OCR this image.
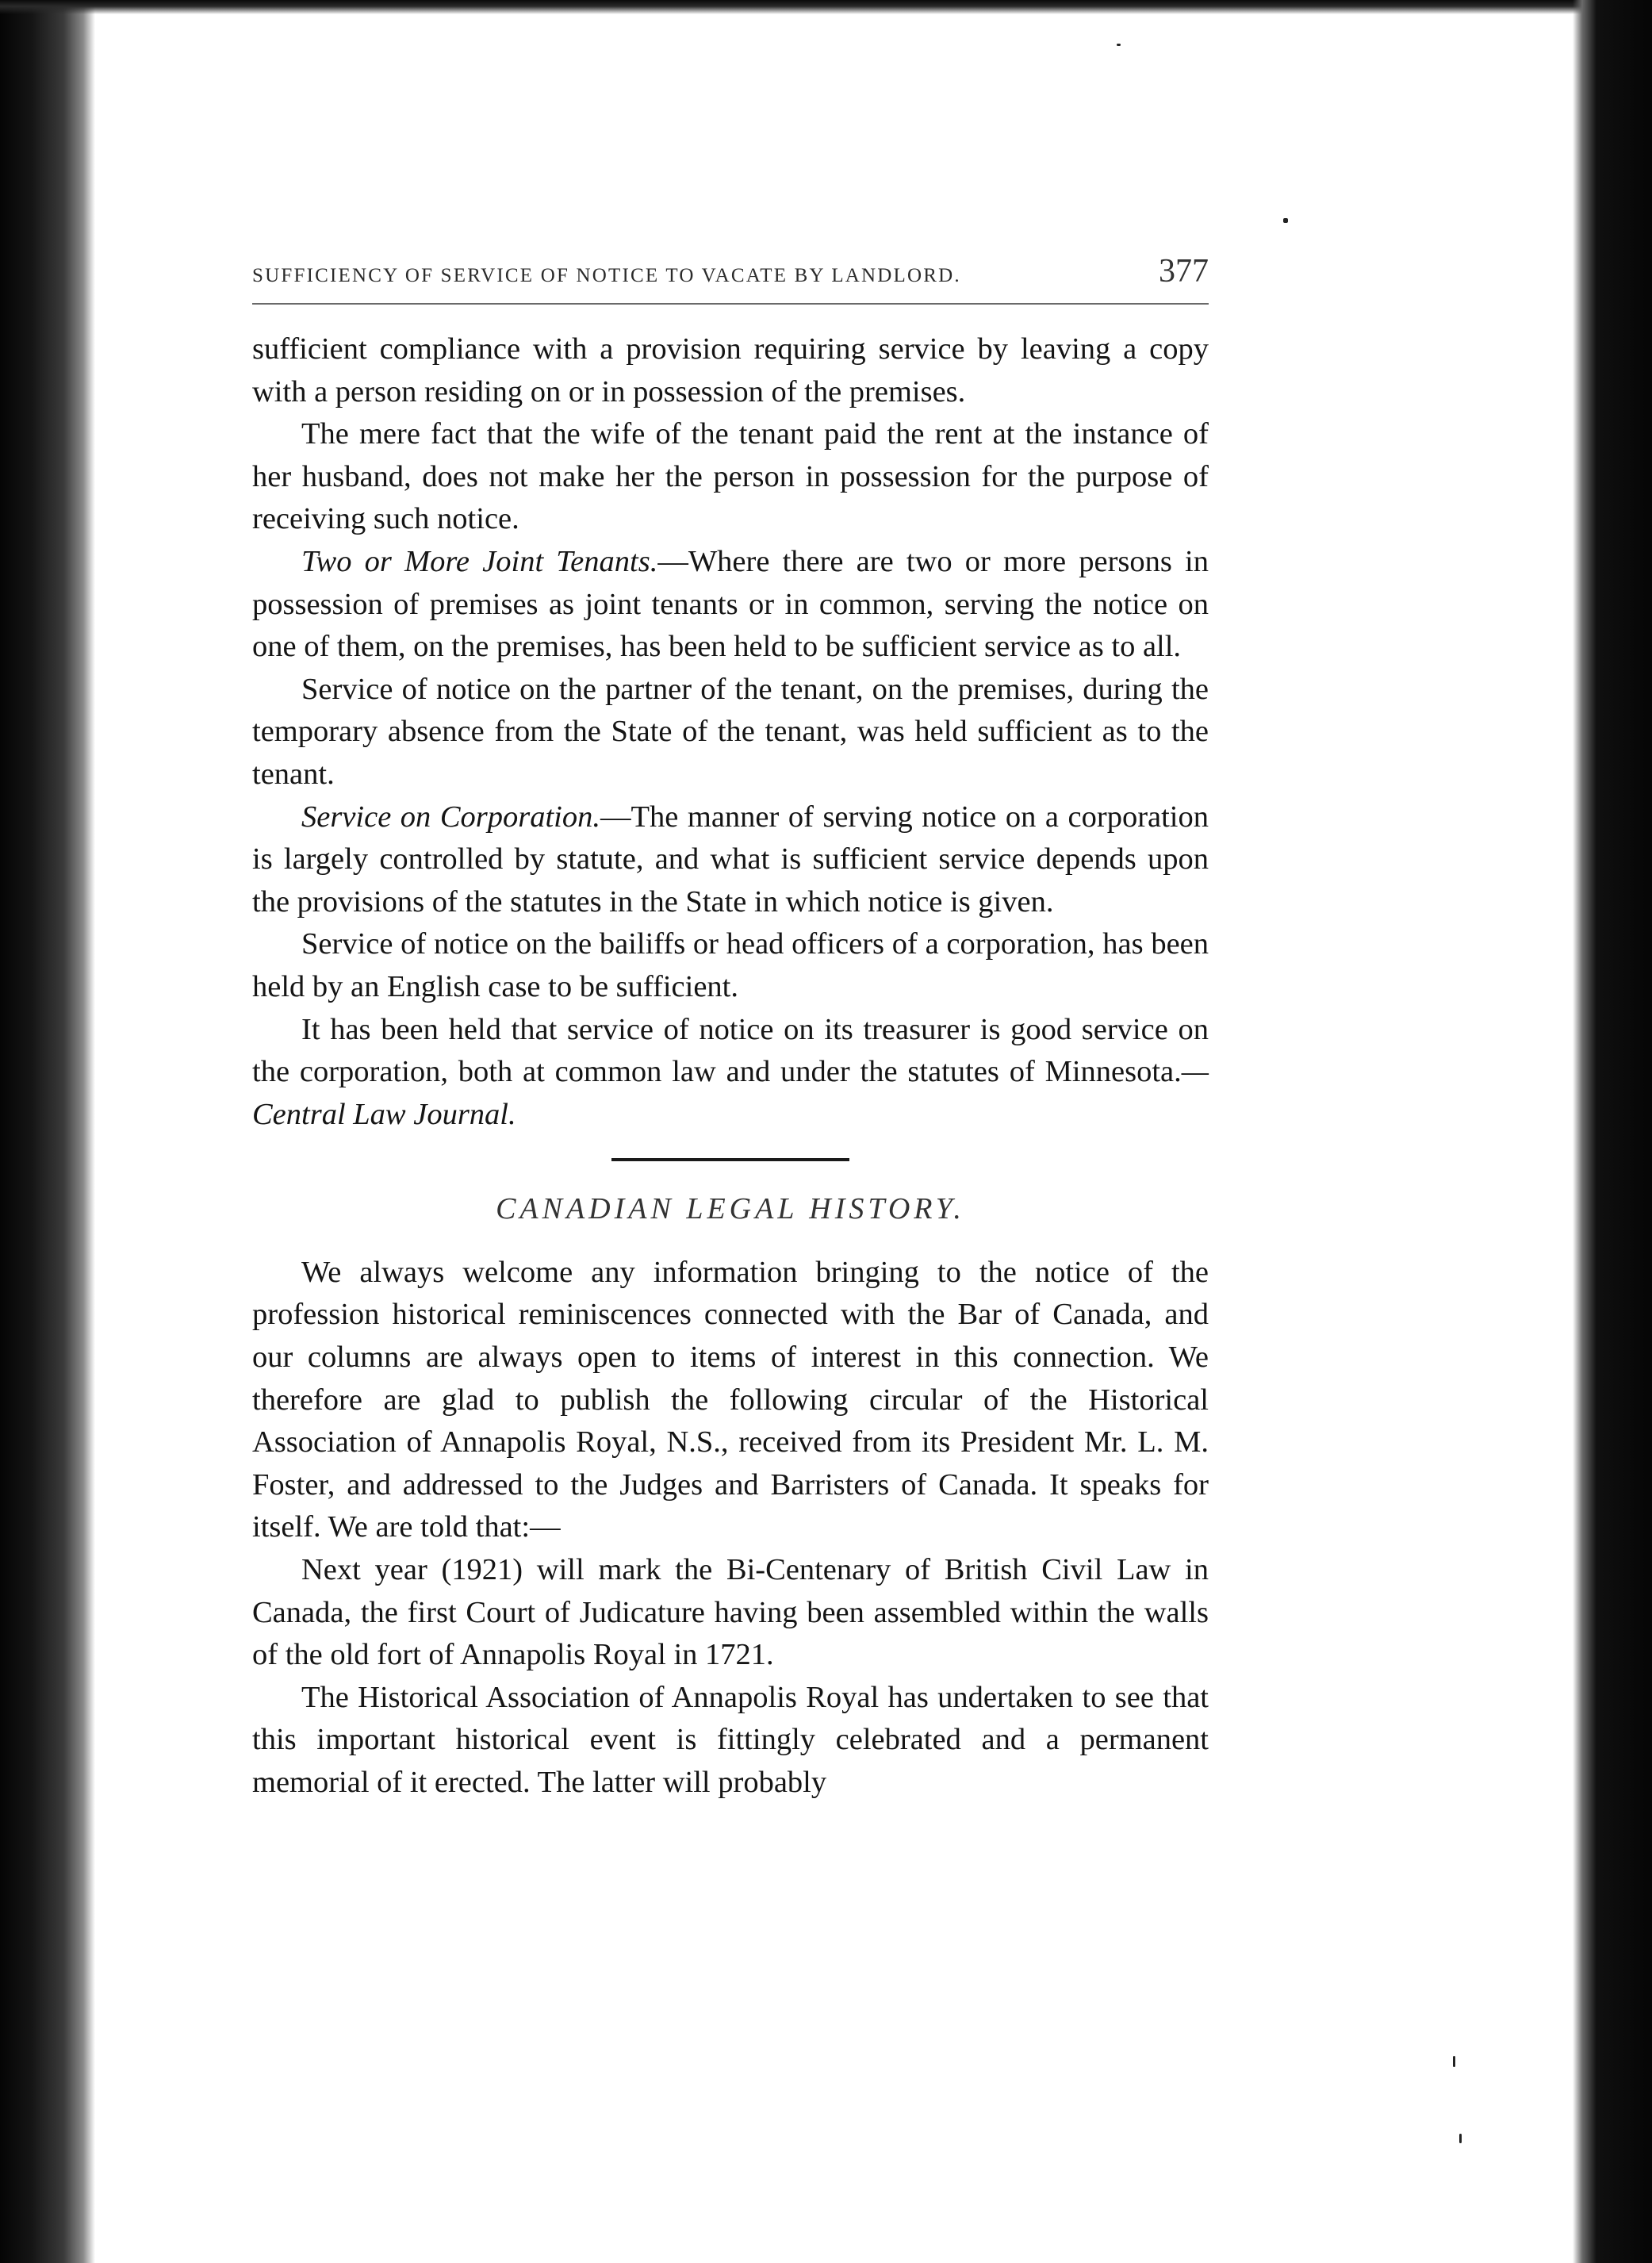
SUFFICIENCY OF SERVICE OF NOTICE TO VACATE BY LANDLORD.	377

sufficient compliance with a provision requiring service by leaving a copy with a person residing on or in possession of the premises.

The mere fact that the wife of the tenant paid the rent at the instance of her husband, does not make her the person in possession for the purpose of receiving such notice.

Two or More Joint Tenants.—Where there are two or more persons in possession of premises as joint tenants or in common, serving the notice on one of them, on the premises, has been held to be sufficient service as to all.

Service of notice on the partner of the tenant, on the premises, during the temporary absence from the State of the tenant, was held sufficient as to the tenant.

Service on Corporation.—The manner of serving notice on a corporation is largely controlled by statute, and what is sufficient service depends upon the provisions of the statutes in the State in which notice is given.

Service of notice on the bailiffs or head officers of a corporation, has been held by an English case to be sufficient.

It has been held that service of notice on its treasurer is good service on the corporation, both at common law and under the statutes of Minnesota.—Central Law Journal.

CANADIAN LEGAL HISTORY.

We always welcome any information bringing to the notice of the profession historical reminiscences connected with the Bar of Canada, and our columns are always open to items of interest in this connection. We therefore are glad to publish the following circular of the Historical Association of Annapolis Royal, N.S., received from its President Mr. L. M. Foster, and addressed to the Judges and Barristers of Canada. It speaks for itself. We are told that:—

Next year (1921) will mark the Bi-Centenary of British Civil Law in Canada, the first Court of Judicature having been assembled within the walls of the old fort of Annapolis Royal in 1721.

The Historical Association of Annapolis Royal has undertaken to see that this important historical event is fittingly celebrated and a permanent memorial of it erected. The latter will probably
